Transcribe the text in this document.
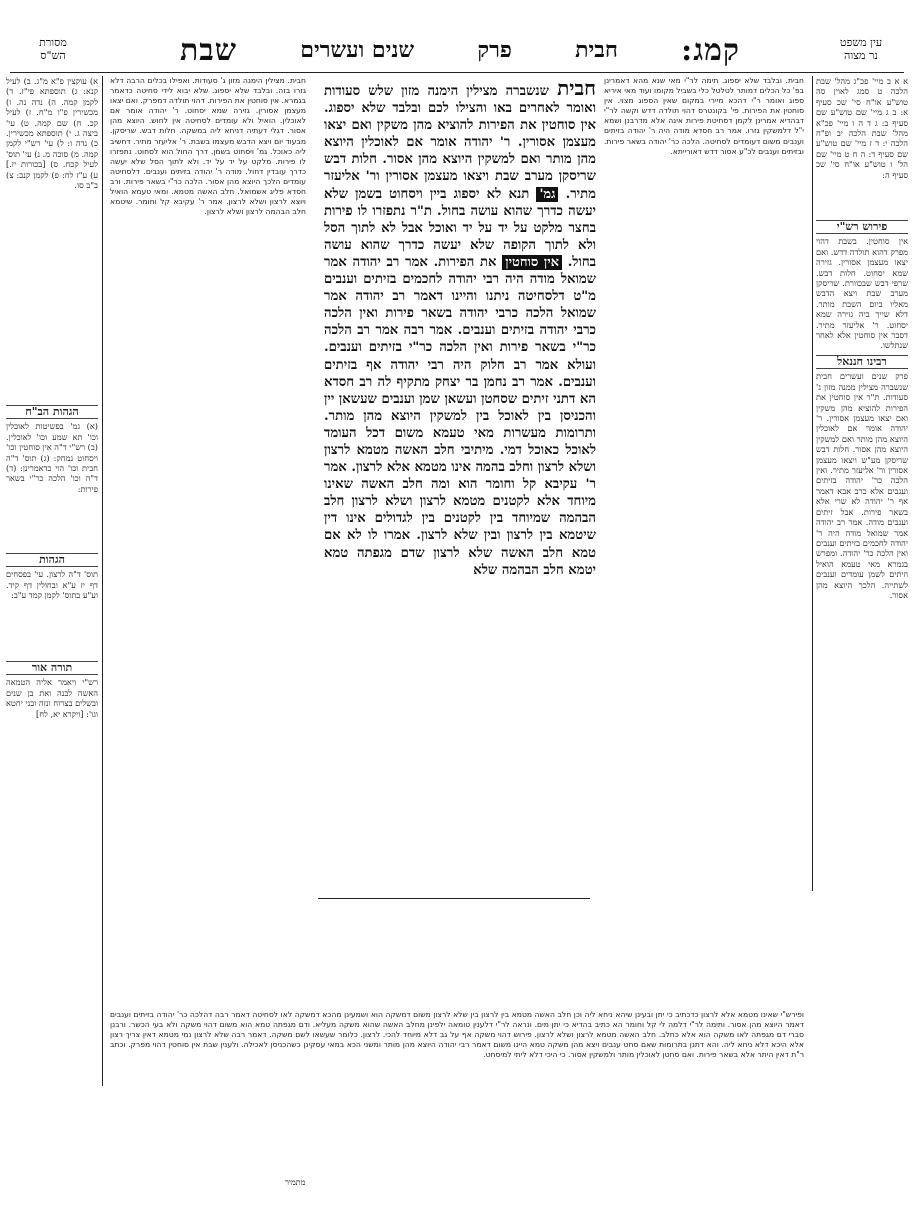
קמג:
חבית
פרק
שנים ועשרים
שבת	עין משפט
נר מצוה
מסורת
הש"ס

א א ב מיי' פכ"ג מהל' שבת הלכה ט סמג לאוין סה טוש"ע או"ח סי' שכ סעיף א: ב ג מיי' שם טוש"ע שם סעיף ב: ג ד ה ו מיי' פכ"א מהל' שבת הלכה יב ופ"ח הלכה י: ד ז מיי' שם טוש"ע שם סעיף ד: ה ח ט מיי' שם הל' ו טוש"ע או"ח סי' שכ סעיף ה:

פירוש רש"י

אין סוחטין. בשבת דהוי מפרק דהוא תולדה דדש. ואם יצאו מעצמן אסורין. גזירה שמא יסחוט. חלות דבש. שרפי דבש שבכוורת. שריסקן מערב שבת ויצא הדבש מאליו ביום השבת מותר. דלא שייך ביה גזירה שמא יסחוט. ר' אליעזר מתיר. דסבר אין סוחטין אלא לאחר שנתלשו.

רבינו חננאל

פרק שנים ועשרים חבית שנשברה מצילין ממנה מזון ג' סעודות. ת"ר אין סוחטין את הפירות להוציא מהן משקין ואם יצאו מעצמן אסורין. ר' יהודה אומר אם לאוכלין היוצא מהן מותר ואם למשקין היוצא מהן אסור. חלות דבש שריסקן מע"ש ויצאו מעצמן אסורין ור' אליעזר מתיר. ואין הלכה כר' יהודה בזיתים וענבים אלא כרב אבא דאמר אף ר' יהודה לא שרי אלא בשאר פירות. אבל זיתים וענבים מודה. אמר רב יהודה אמר שמואל מודה היה ר' יהודה לחכמים בזיתים וענבים ואין הלכה כר' יהודה. ומפרש בגמרא מאי טעמא הואיל וזיתים לשמן עומדים וענבים לשתייה. הלכך היוצא מהן אסור.

חבית. ובלבד שלא יספוג. תימה לר"י מאי שנא מהא דאמרינן בפ' כל הכלים דמותר לטלטל כלי בשביל מקומו ועוד מאי איריא ספוג ואומר ר"י דהכא מיירי במקום שאין הספוג מצוי. אין סוחטין את הפירות. פי' בקונטרס דהוי תולדה דדש וקשה לר"י דבהדיא אמרינן לקמן דסחיטת פירות אינה אלא מדרבנן ושמא י"ל דלמשקין גזרו. אמר רב חסדא מודה היה ר' יהודה בזיתים וענבים משום דעומדים לסחיטה. הלכה כר' יהודה בשאר פירות. ובזיתים וענבים לכ"ע אסור דדש דאורייתא.

חבית שנשברה מצילין הימנה מזון שלש סעודות ואומר לאחרים באו והצילו לכם ובלבד שלא יספוג. אין סוחטין את הפירות להוציא מהן משקין ואם יצאו מעצמן אסורין. ר' יהודה אומר אם לאוכלין היוצא מהן מותר ואם למשקין היוצא מהן אסור. חלות דבש שריסקן מערב שבת ויצאו מעצמן אסורין ור' אליעזר מתיר. גמ' תנא לא יספוג ביין ויסחוט בשמן שלא יעשה כדרך שהוא עושה בחול. ת"ר נתפזרו לו פירות בחצר מלקט על יד על יד ואוכל אבל לא לתוך הסל ולא לתוך הקופה שלא יעשה כדרך שהוא עושה בחול. אין סוחטין את הפירות. אמר רב יהודה אמר שמואל מודה היה רבי יהודה לחכמים בזיתים וענבים מ"ט דלסחיטה ניתנו והיינו דאמר רב יהודה אמר שמואל הלכה כרבי יהודה בשאר פירות ואין הלכה כרבי יהודה בזיתים וענבים. אמר רבה אמר רב הלכה כר"י בשאר פירות ואין הלכה כר"י בזיתים וענבים. ועולא אמר רב חלוק היה רבי יהודה אף בזיתים וענבים. אמר רב נחמן בר יצחק מתקיף לה רב חסדא הא דתני זיתים שסחטן ועשאן שמן וענבים שעשאן יין והכניסן בין לאוכל בין למשקין היוצא מהן מותר. ותרומות מעשרות מאי טעמא משום דכל העומד לאוכל כאוכל דמי. מיתיבי חלב האשה מטמא לרצון ושלא לרצון וחלב בהמה אינו מטמא אלא לרצון. אמר ר' עקיבא קל וחומר הוא ומה חלב האשה שאינו מיוחד אלא לקטנים מטמא לרצון ושלא לרצון חלב הבהמה שמיוחד בין לקטנים בין לגדולים אינו דין שיטמא בין לרצון ובין שלא לרצון. אמרו לו לא אם טמא חלב האשה שלא לרצון שדם מגפתה טמא יטמא חלב הבהמה שלא

חבית. מצילין הימנה מזון ג' סעודות. ואפילו בכלים הרבה דלא גזרו בזה. ובלבד שלא יספוג. שלא יבוא לידי סחיטה כדאמר בגמרא. אין סוחטין את הפירות. דהוי תולדה דמפרק. ואם יצאו מעצמן אסורין. גזירה שמא יסחוט. ר' יהודה אומר אם לאוכלין. הואיל ולא עומדים לסחיטה אין לחוש. היוצא מהן אסור. דגלי דעתיה דניחא ליה במשקה. חלות דבש. שריסקן. מבעוד יום ויצא הדבש מעצמו בשבת. ר' אליעזר מתיר. דחשיב ליה כאוכל. גמ' ויסחוט בשמן. דרך החול הוא לסחוט. נתפזרו לו פירות. מלקט על יד על יד. ולא לתוך הסל שלא יעשה כדרך עובדין דחול. מודה ר' יהודה בזיתים וענבים. דלסחיטה עומדים הלכך היוצא מהן אסור. הלכה כר"י בשאר פירות. ורב חסדא פליג אשמואל. חלב האשה מטמא. ומאי טעמא הואיל ויוצא לרצון ושלא לרצון. אמר ר' עקיבא קל וחומר. שיטמא חלב הבהמה לרצון ושלא לרצון.

א) עוקצין פ"א מ"ג. ב) לעיל קנא: ג) תוספתא פי"ז. ד) לקמן קמה. ה) נדה נה. ו) מכשירין פ"ו מ"ח. ז) לעיל קכ. ח) שם קמה. ט) עי' ביצה ג. י) תוספתא מכשירין. כ) נדה ו: ל) עי' רש"י לקמן קמה. מ) סוכה מ. נ) עי' תוס' לעיל קכח. ס) [בכורות יז.] ע) ע"ז לח: פ) לקמן קנב: צ) ב"ב סו.

הגהות הב"ח

(א) גמ' בפשיטות לאוכלין וכו' תא שמע וכו' לאוכלין. (ב) רש"י ד"ה אין סוחטין וכו' ויסחוט נמחק: (ג) תוס' ד"ה חבית וכו' הוי כדאמרינן: (ד) ד"ה וכו' הלכה כר"י בשאר פירות:

הגהות

תוס' ד"ה לרצון. עי' בפסחים דף יז ע"א ובחולין דף קיד. וע"ע בתוס' לקמן קמד ע"ב:

תורה אור

רש"י ויאמר אליה הטמאה האשה לבנה ואת בן שנים ובשלים בצרוח ונזה ובני יחטא וגו': [ויקרא יא, לח]

ופירש"י שאינו מטמא אלא לרצון כדכתיב כי יתן ובעינן שיהא ניחא ליה וכן חלב האשה מטמא בין לרצון בין שלא לרצון משום דמשקה הוא ושמעינן מהכא דמשקה לאו לסחיטה דאמר רבה דהלכה כר' יהודה בזיתים וענבים דאמר היוצא מהן אסור. ותימה לר"י דלמה לי קל וחומר הא כתיב בהדיא כי יתן מים. ונראה לר"י דלענין טומאה ילפינן מחלב האשה שהוא משקה מעליא. ודם מגפתה טמא הוא משום דהוי משקה ולא בעי הכשר. ורבנן סברי דם מגפתה לאו משקה הוא אלא כחלב. חלב האשה מטמא לרצון ושלא לרצון. פירוש דהוי משקה אף על גב דלא מיוחד להכי. לרצון. כלומר שעשאו לשם משקה. דאמר רבה שלא לרצון נמי מטמא דאין צריך רצון אלא היכא דלא ניחא ליה. והא דתנן בתרומות שאם סחט ענבים ויצא מהן משקה טמא היינו משום דאמר רבי יהודה היוצא מהן מותר ומשני הכא במאי עסקינן כשהכניסן לאכילה. ולענין שבת אין סוחטין דהוי מפרק. וכתב ר"ת דאין היתר אלא בשאר פירות. ואם סחטן לאוכלין מותר ולמשקין אסור. כי היכי דלא ליתי למיסחט.

מתמיר
